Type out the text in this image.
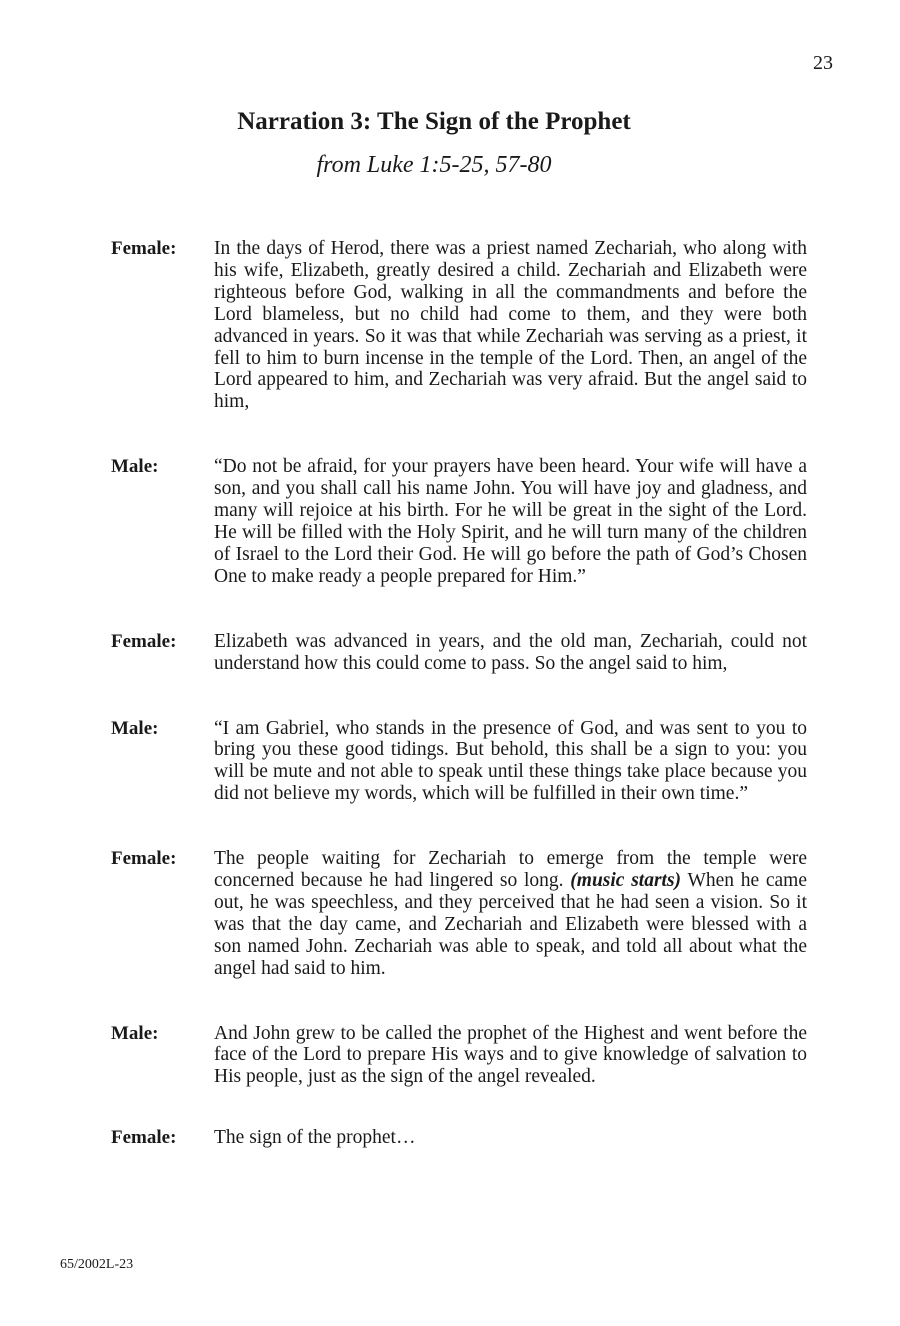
23
Narration 3: The Sign of the Prophet
from Luke 1:5-25, 57-80
Female:	In the days of Herod, there was a priest named Zechariah, who along with his wife, Elizabeth, greatly desired a child. Zechariah and Elizabeth were righteous before God, walking in all the commandments and before the Lord blameless, but no child had come to them, and they were both advanced in years. So it was that while Zechariah was serving as a priest, it fell to him to burn incense in the temple of the Lord. Then, an angel of the Lord appeared to him, and Zechariah was very afraid. But the angel said to him,
Male:	“Do not be afraid, for your prayers have been heard. Your wife will have a son, and you shall call his name John. You will have joy and gladness, and many will rejoice at his birth. For he will be great in the sight of the Lord. He will be filled with the Holy Spirit, and he will turn many of the children of Israel to the Lord their God. He will go before the path of God’s Chosen One to make ready a people prepared for Him.”
Female:	Elizabeth was advanced in years, and the old man, Zechariah, could not understand how this could come to pass. So the angel said to him,
Male:	“I am Gabriel, who stands in the presence of God, and was sent to you to bring you these good tidings. But behold, this shall be a sign to you: you will be mute and not able to speak until these things take place because you did not believe my words, which will be fulfilled in their own time.”
Female:	The people waiting for Zechariah to emerge from the temple were concerned because he had lingered so long. (music starts) When he came out, he was speechless, and they perceived that he had seen a vision. So it was that the day came, and Zechariah and Elizabeth were blessed with a son named John. Zechariah was able to speak, and told all about what the angel had said to him.
Male:	And John grew to be called the prophet of the Highest and went before the face of the Lord to prepare His ways and to give knowledge of salvation to His people, just as the sign of the angel revealed.
Female:	The sign of the prophet…
65/2002L-23
